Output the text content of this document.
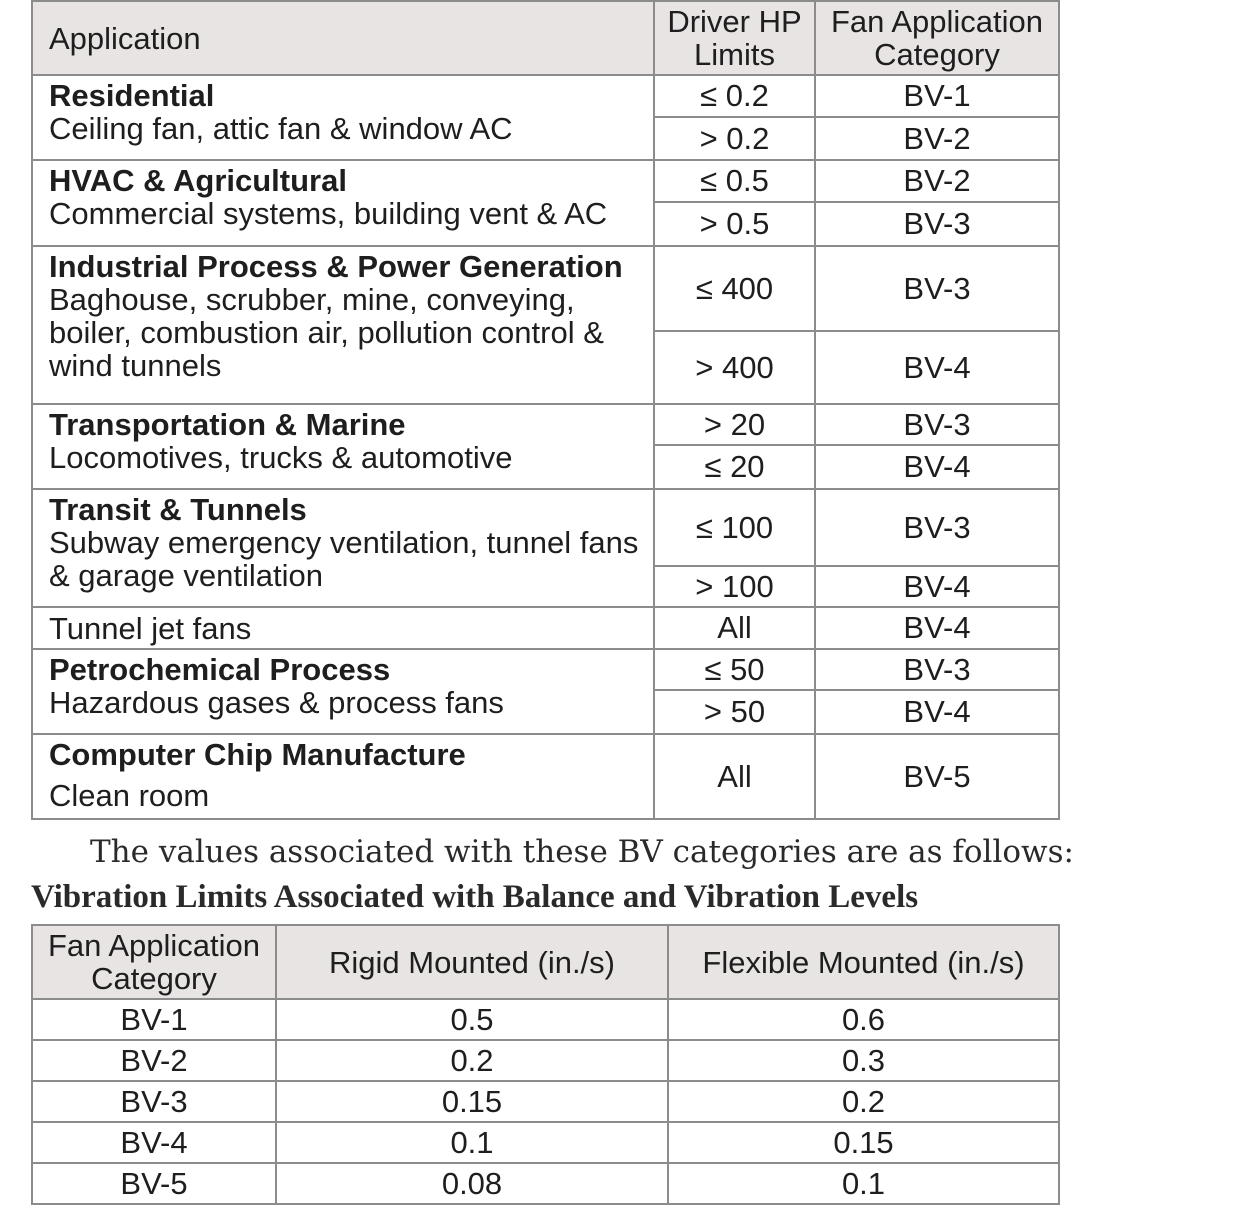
Application	Driver HP Limits	Fan Application Category

Residential
Ceiling fan, attic fan & window AC	≤ 0.2	BV-1
	> 0.2	BV-2

HVAC & Agricultural
Commercial systems, building vent & AC	≤ 0.5	BV-2
	> 0.5	BV-3

Industrial Process & Power Generation
Baghouse, scrubber, mine, conveying, boiler, combustion air, pollution control & wind tunnels	≤ 400	BV-3
	> 400	BV-4

Transportation & Marine
Locomotives, trucks & automotive	> 20	BV-3
	≤ 20	BV-4

Transit & Tunnels
Subway emergency ventilation, tunnel fans & garage ventilation	≤ 100	BV-3
	> 100	BV-4
Tunnel jet fans	All	BV-4

Petrochemical Process
Hazardous gases & process fans	≤ 50	BV-3
	> 50	BV-4

Computer Chip Manufacture
Clean room	All	BV-5
The values associated with these BV categories are as follows:
Vibration Limits Associated with Balance and Vibration Levels
Fan Application Category	Rigid Mounted (in./s)	Flexible Mounted (in./s)
BV-1	0.5	0.6
BV-2	0.2	0.3
BV-3	0.15	0.2
BV-4	0.1	0.15
BV-5	0.08	0.1
